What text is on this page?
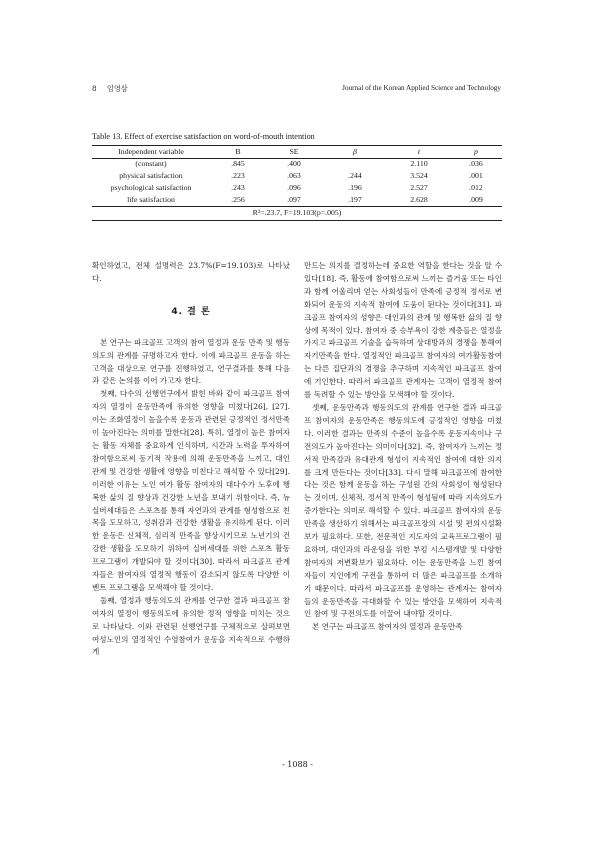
8 임영삼	Journal of the Korean Applied Science and Technology
Table 13. Effect of exercise satisfaction on word-of-mouth intention
Independent variable	B	SE	β	t	p
(constant)	.845	.400		2.110	.036
physical satisfaction	.223	.063	.244	3.524	.001
psychological satisfaction	.243	.096	.196	2.527	.012
life satisfaction	.256	.097	.197	2.628	.009
R²=.23.7, F=19.103(p=.005)					

확인하였고, 전체 설명력은 23.7%(F=19.103)로 나타났다.

4. 결 론

본 연구는 파크골프 고객의 참여 열정과 운동 만족 및 행동의도의 관계를 규명하고자 한다. 이에 파크골프 운동을 하는 고객을 대상으로 연구를 진행하였고, 연구결과를 통해 다음과 같은 논의를 이어 가고자 한다.

첫째, 다수의 선행연구에서 밝힌 바와 같이 파크골프 참여자의 열정이 운동만족에 유의한 영향을 미쳤다[26], [27]. 이는 조화열정이 높을수록 운동과 관련된 긍정적인 정서만족이 높아진다는 의미를 말한다[28]. 특히, 열정이 높은 참여자는 활동 자체를 중요하게 인식하며, 시간과 노력을 투자하여 참여함으로써 동기적 작용에 의해 운동만족을 느끼고, 대인관계 및 건강한 생활에 영향을 미친다고 해석할 수 있다[29]. 이러한 이유는 노인 여가 활동 참여자의 대다수가 노후에 행복한 삶의 질 향상과 건강한 노년을 보내기 위함이다. 즉, 뉴실버세대들은 스포츠를 통해 자연과의 관계를 형성함으로 친목을 도모하고, 성취감과 건강한 생활을 유지하게 된다. 이러한 운동은 신체적, 심리적 만족을 향상시키므로 노년기의 건강한 생활을 도모하기 위하여 실버세대를 위한 스포츠 활동 프로그램이 개발되야 할 것이다[30]. 따라서 파크골프 관계자들은 참여자의 열정적 행동이 감소되지 않도록 다양한 이벤트 프로그램을 모색해야 할 것이다.

둘째, 열정과 행동의도의 관계를 연구한 결과 파크골프 참여자의 열정이 행동의도에 유의한 정적 영향을 미치는 것으로 나타났다. 이와 관련된 선행연구를 구체적으로 살펴보면 여성노인의 열정적인 수영참여가 운동을 지속적으로 수행하게

만드는 의지를 결정하는데 중요한 역할을 한다는 것을 알 수 있다[18]. 즉, 활동에 참여함으로써 느끼는 즐거움 또는 타인과 함께 어울리며 얻는 사회성들이 만족에 긍정적 정서로 변화되어 운동의 지속적 참여에 도움이 된다는 것이다[31]. 파크골프 참여자의 성향은 대인과의 관계 및 행복한 삶의 질 향상에 목적이 있다. 참여자 중 승부욕이 강한 계층들은 열정을 가지고 파크골프 기술을 습득하며 상대방과의 경쟁을 통해여 자기만족을 한다. 열정적인 파크골프 참여자의 여가활동참여는 다른 집단과의 경쟁을 추구하며 지속적인 파크골프 참여에 기인한다. 따라서 파크골프 관계자는 고객이 열정적 참여를 독려할 수 있는 방안을 모색해야 할 것이다.

셋째, 운동만족과 행동의도의 관계를 연구한 결과 파크골프 참여자의 운동만족은 행동의도에 긍정적인 영향을 미쳤다. 이러한 결과는 만족의 수준이 높을수록 운동지속이나 구전의도가 높아진다는 의미이다[32]. 즉, 참여자가 느끼는 정서적 만족감과 유대관계 형성이 지속적인 참여에 대한 의지를 크게 만든다는 것이다[33]. 다시 말해 파크골프에 참여한다는 것은 함께 운동을 하는 구성원 간의 사회성이 형성된다는 것이며, 신체적, 정서적 만족이 형성됨에 따라 지속의도가 증가한다는 의미로 해석할 수 있다. 파크골프 참여자의 운동만족을 생산하기 위해서는 파크골프장의 시설 및 편의시설확보가 필요하다. 또한, 전문적인 지도자의 교육프로그램이 필요하며, 대인과의 라운딩을 위한 부킹 시스템개발 및 다양한 참여자의 저변확보가 필요하다. 이는 운동만족을 느낀 참여자들이 지인에게 구전을 통하여 더 많은 파크골프를 소개하기 때문이다. 따라서 파크골프를 운영하는 관계자는 참여자들의 운동만족을 극대화할 수 있는 방안을 모색하여 지속적인 참여 및 구전의도를 이끌어 내야할 것이다.

본 연구는 파크골프 참여자의 열정과 운동만족

- 1088 -
